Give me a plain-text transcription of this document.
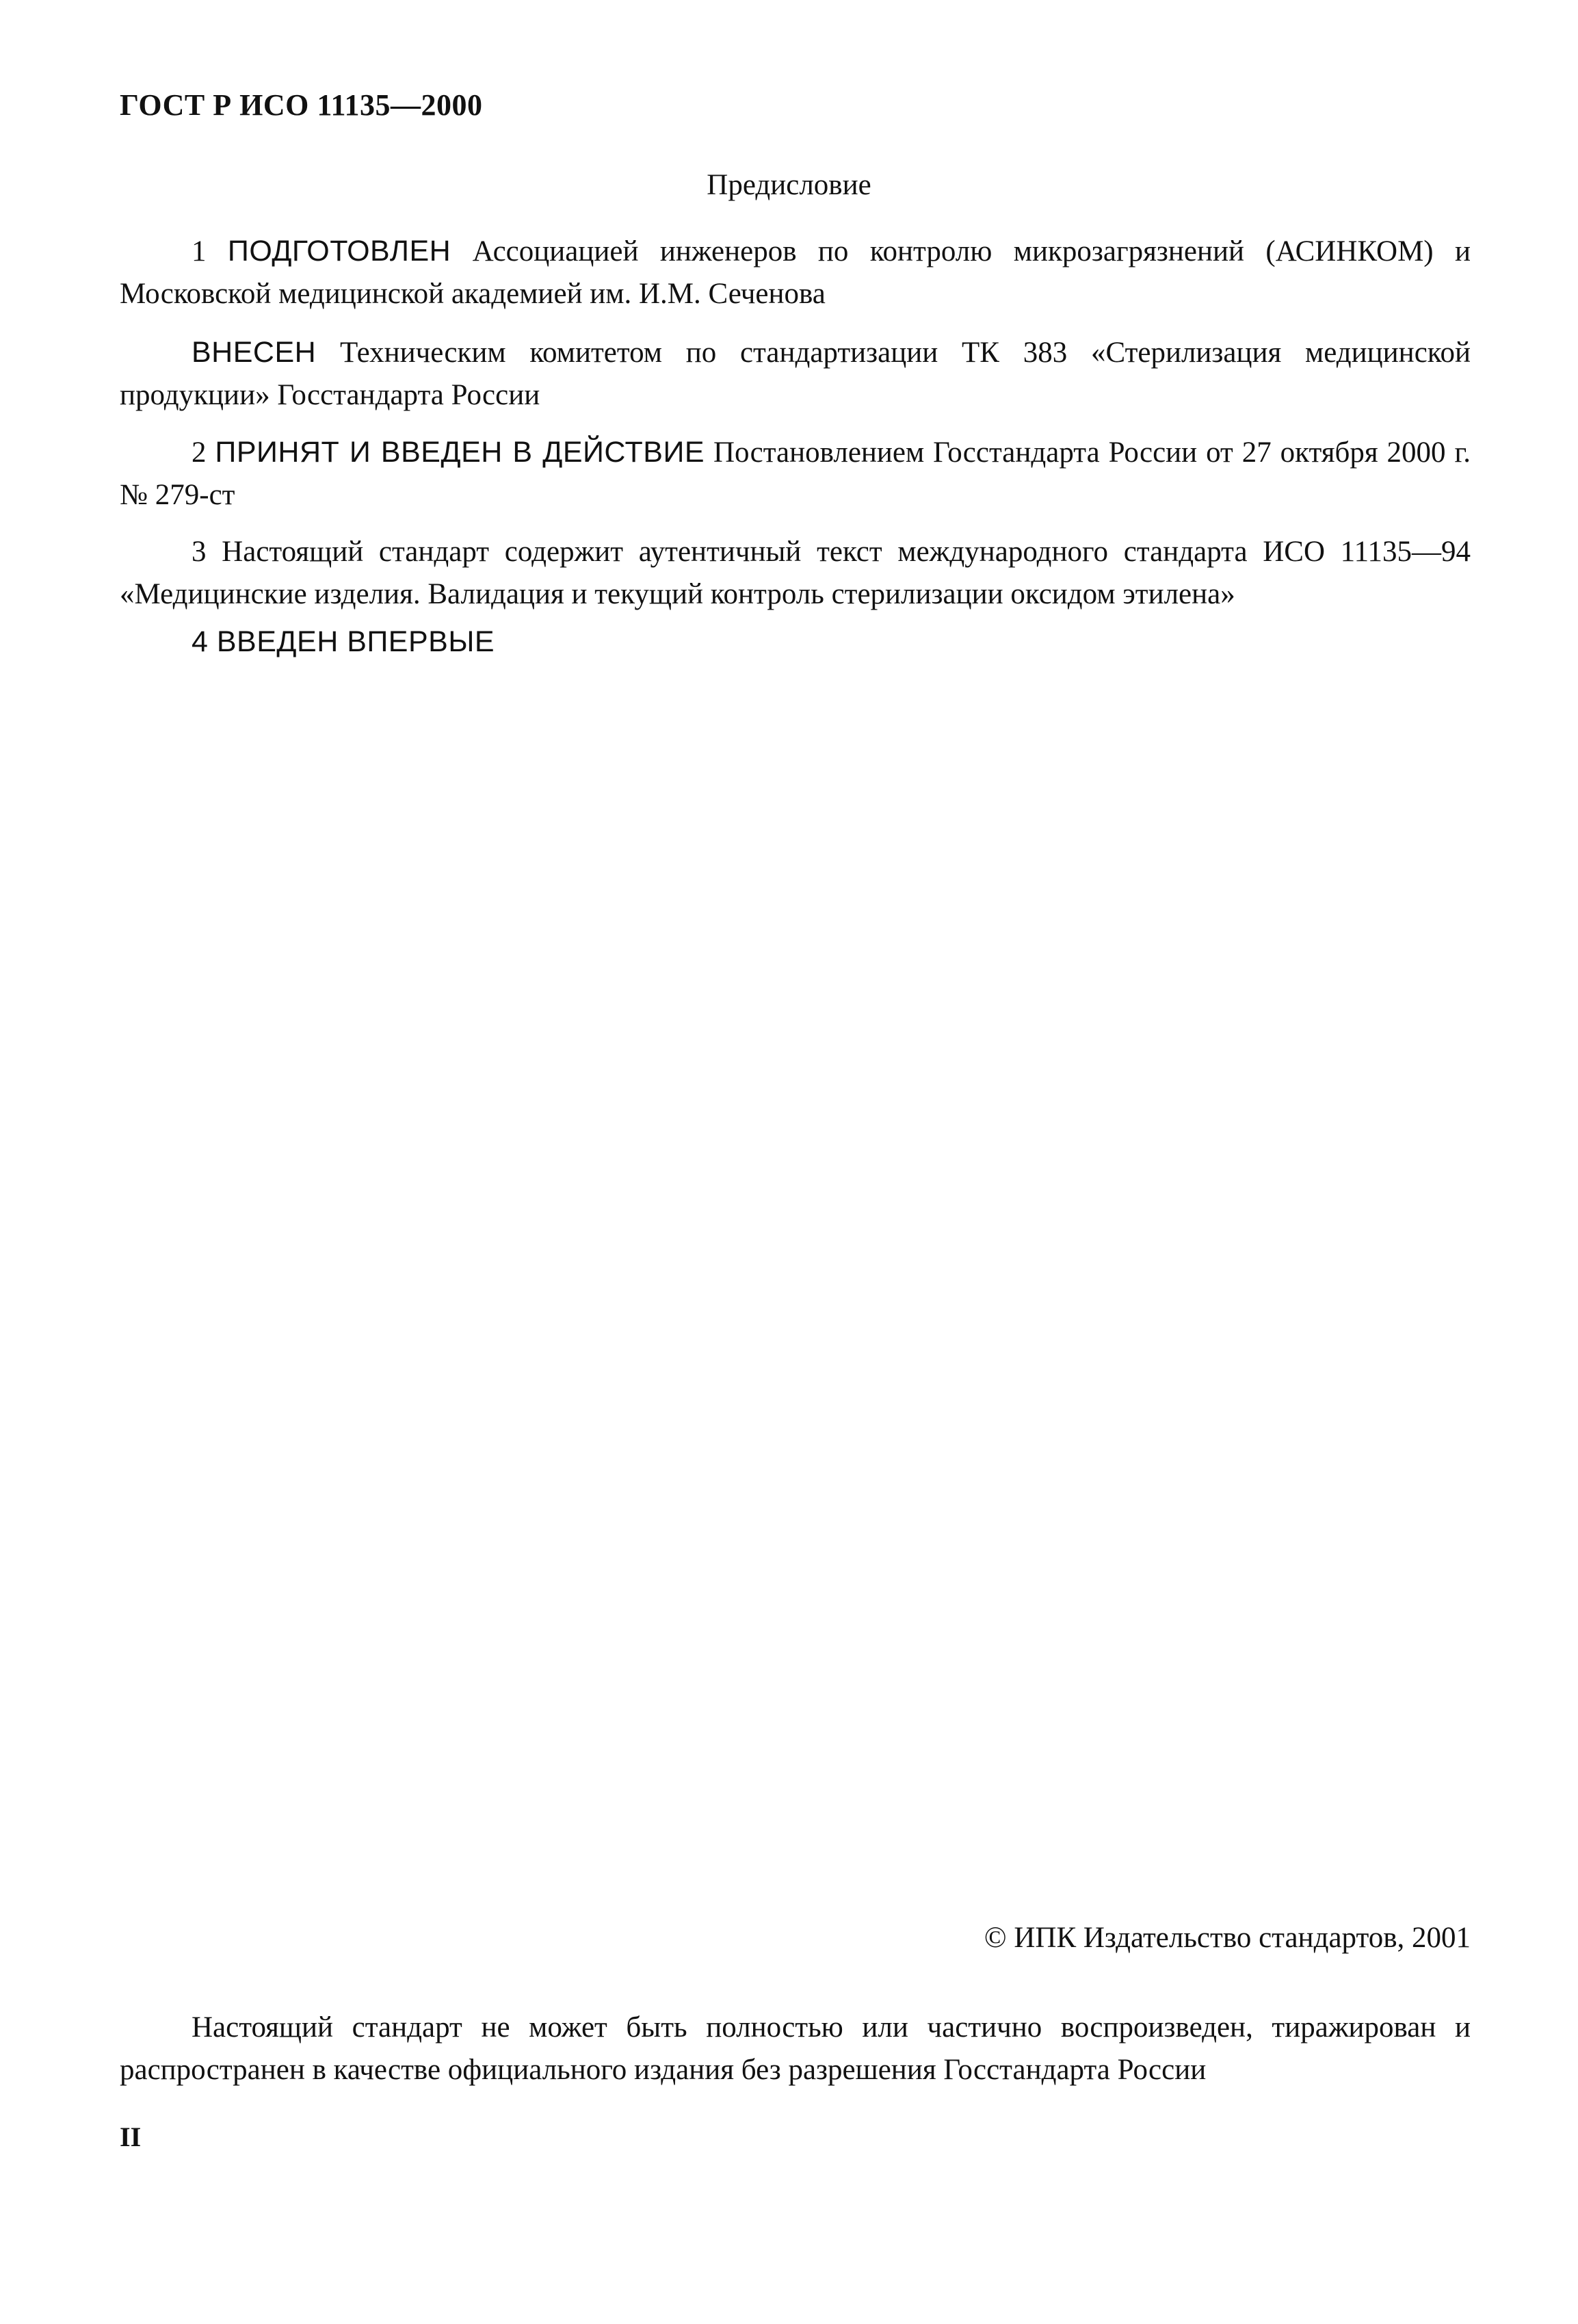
ГОСТ Р ИСО 11135—2000
Предисловие
1 ПОДГОТОВЛЕН Ассоциацией инженеров по контролю микрозагрязнений (АСИНКОМ) и Московской медицинской академией им. И.М. Сеченова
ВНЕСЕН Техническим комитетом по стандартизации ТК 383 «Стерилизация медицинской продукции» Госстандарта России
2 ПРИНЯТ И ВВЕДЕН В ДЕЙСТВИЕ Постановлением Госстандарта России от 27 октября 2000 г. № 279-ст
3 Настоящий стандарт содержит аутентичный текст международного стандарта ИСО 11135—94 «Медицинские изделия. Валидация и текущий контроль стерилизации оксидом этилена»
4 ВВЕДЕН ВПЕРВЫЕ
© ИПК Издательство стандартов, 2001
Настоящий стандарт не может быть полностью или частично воспроизведен, тиражирован и распространен в качестве официального издания без разрешения Госстандарта России
II
